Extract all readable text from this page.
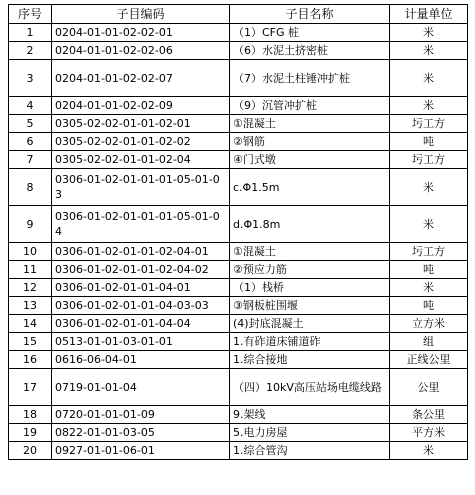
序号	子目编码	子目名称	计量单位
1	0204-01-01-02-02-01	（1）CFG 桩	米
2	0204-01-01-02-02-06	（6）水泥土挤密桩	米
3	0204-01-01-02-02-07	（7）水泥土柱锤冲扩桩	米
4	0204-01-01-02-02-09	（9）沉管冲扩桩	米
5	0305-02-02-01-01-02-01	①混凝土	圬工方
6	0305-02-02-01-01-02-02	②钢筋	吨
7	0305-02-02-01-01-02-04	④门式墩	圬工方
8	0306-01-02-01-01-01-05-01-03	c.Φ1.5m	米
9	0306-01-02-01-01-01-05-01-04	d.Φ1.8m	米
10	0306-01-02-01-01-02-04-01	①混凝土	圬工方
11	0306-01-02-01-01-02-04-02	②预应力筋	吨
12	0306-01-02-01-01-04-01	（1）栈桥	米
13	0306-01-02-01-01-04-03-03	③钢板桩围堰	吨
14	0306-01-02-01-01-04-04	(4)封底混凝土	立方米
15	0513-01-01-03-01-01	1.有砟道床铺道砟	组
16	0616-06-04-01	1.综合接地	正线公里
17	0719-01-01-04	（四）10kV高压站场电缆线路	公里
18	0720-01-01-01-09	9.架线	条公里
19	0822-01-01-03-05	5.电力房屋	平方米
20	0927-01-01-06-01	1.综合管沟	米
